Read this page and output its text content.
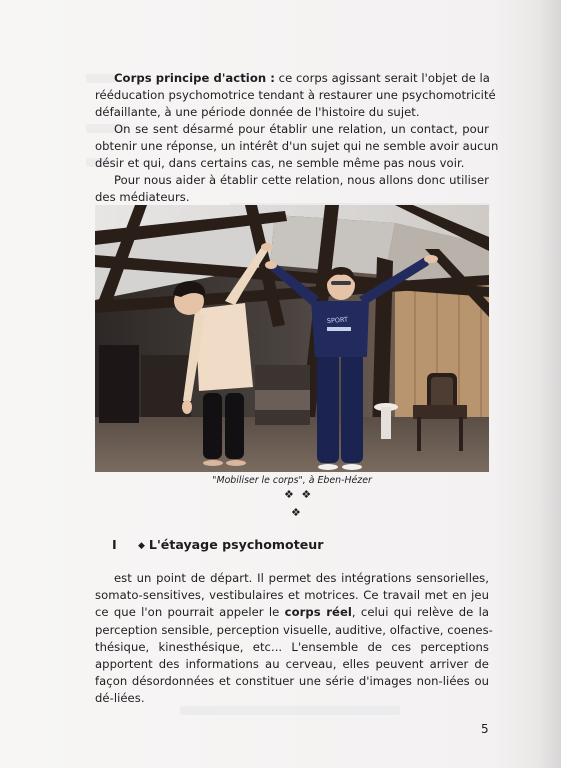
Corps principe d'action : ce corps agissant serait l'objet de la
rééducation psychomotrice tendant à restaurer une psychomotricité
défaillante, à une période donnée de l'histoire du sujet.

On se sent désarmé pour établir une relation, un contact, pour
obtenir une réponse, un intérêt d'un sujet qui ne semble avoir aucun
désir et qui, dans certains cas, ne semble même pas nous voir.

Pour nous aider à établir cette relation, nous allons donc utiliser
des médiateurs.

SPORT
"Mobiliser le corps", à Eben-Hézer
❖ ❖
❖
I ◆ L'étayage psychomoteur

est un point de départ. Il permet des intégrations sensorielles,
somato-sensitives, vestibulaires et motrices. Ce travail met en jeu
ce que l'on pourrait appeler le corps réel, celui qui relève de la
perception sensible, perception visuelle, auditive, olfactive, coenes-
thésique, kinesthésique, etc... L'ensemble de ces perceptions
apportent des informations au cerveau, elles peuvent arriver de
façon désordonnées et constituer une série d'images non-liées ou
dé-liées.

5
